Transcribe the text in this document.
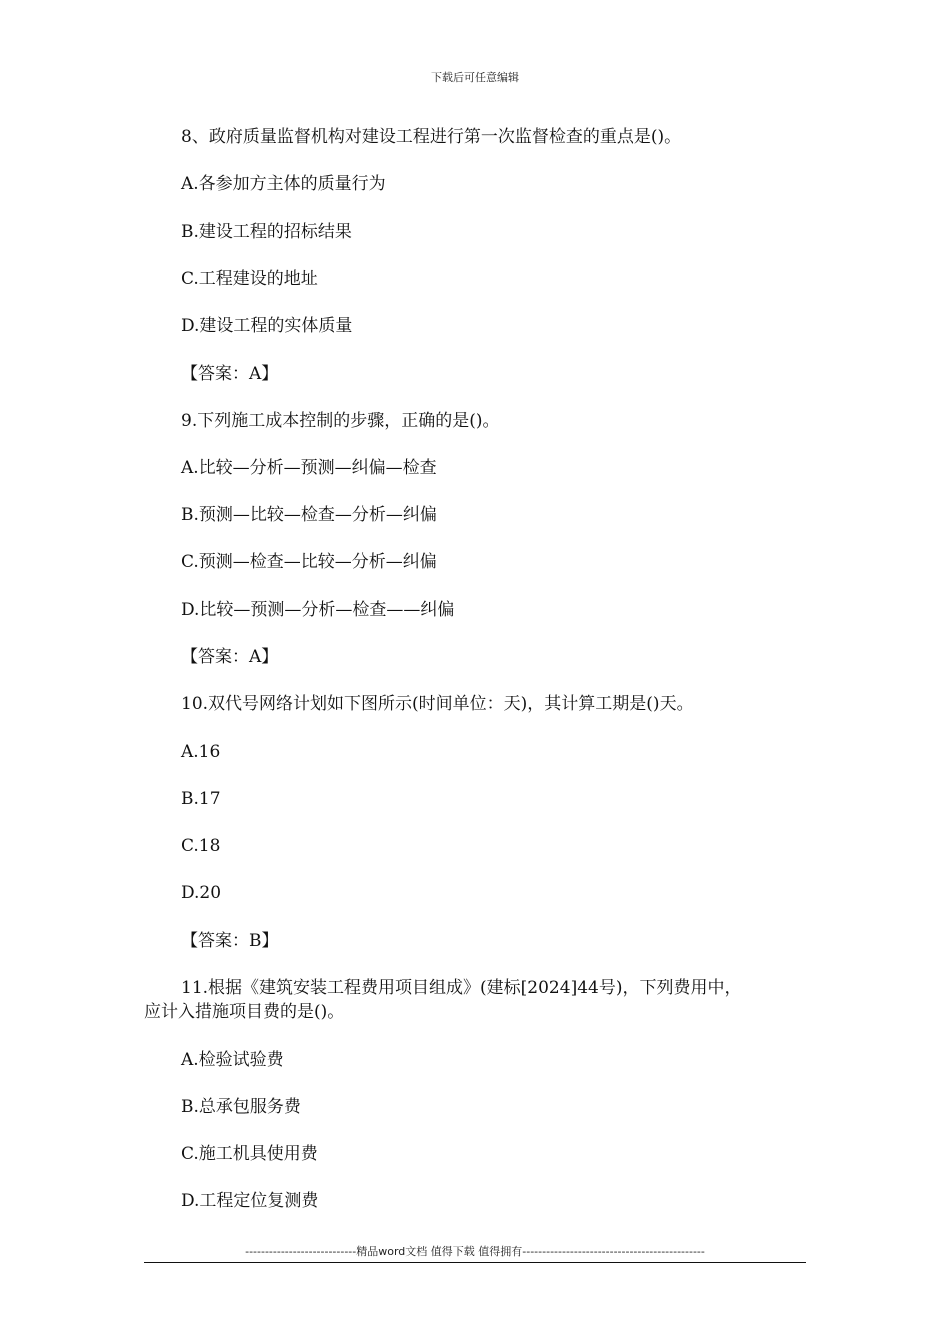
下载后可任意编辑
8、政府质量监督机构对建设工程进行第一次监督检查的重点是()。
A.各参加方主体的质量行为
B.建设工程的招标结果
C.工程建设的地址
D.建设工程的实体质量
【答案：A】
9.下列施工成本控制的步骤，正确的是()。
A.比较—分析—预测—纠偏—检查
B.预测—比较—检查—分析—纠偏
C.预测—检查—比较—分析—纠偏
D.比较—预测—分析—检查——纠偏
【答案：A】
10.双代号网络计划如下图所示(时间单位：天)，其计算工期是()天。
A.16
B.17
C.18
D.20
【答案：B】
11.根据《建筑安装工程费用项目组成》(建标[2024]44号)，下列费用中，
应计入措施项目费的是()。
A.检验试验费
B.总承包服务费
C.施工机具使用费
D.工程定位复测费
----------------------------精品word文档 值得下载 值得拥有----------------------------------------------
